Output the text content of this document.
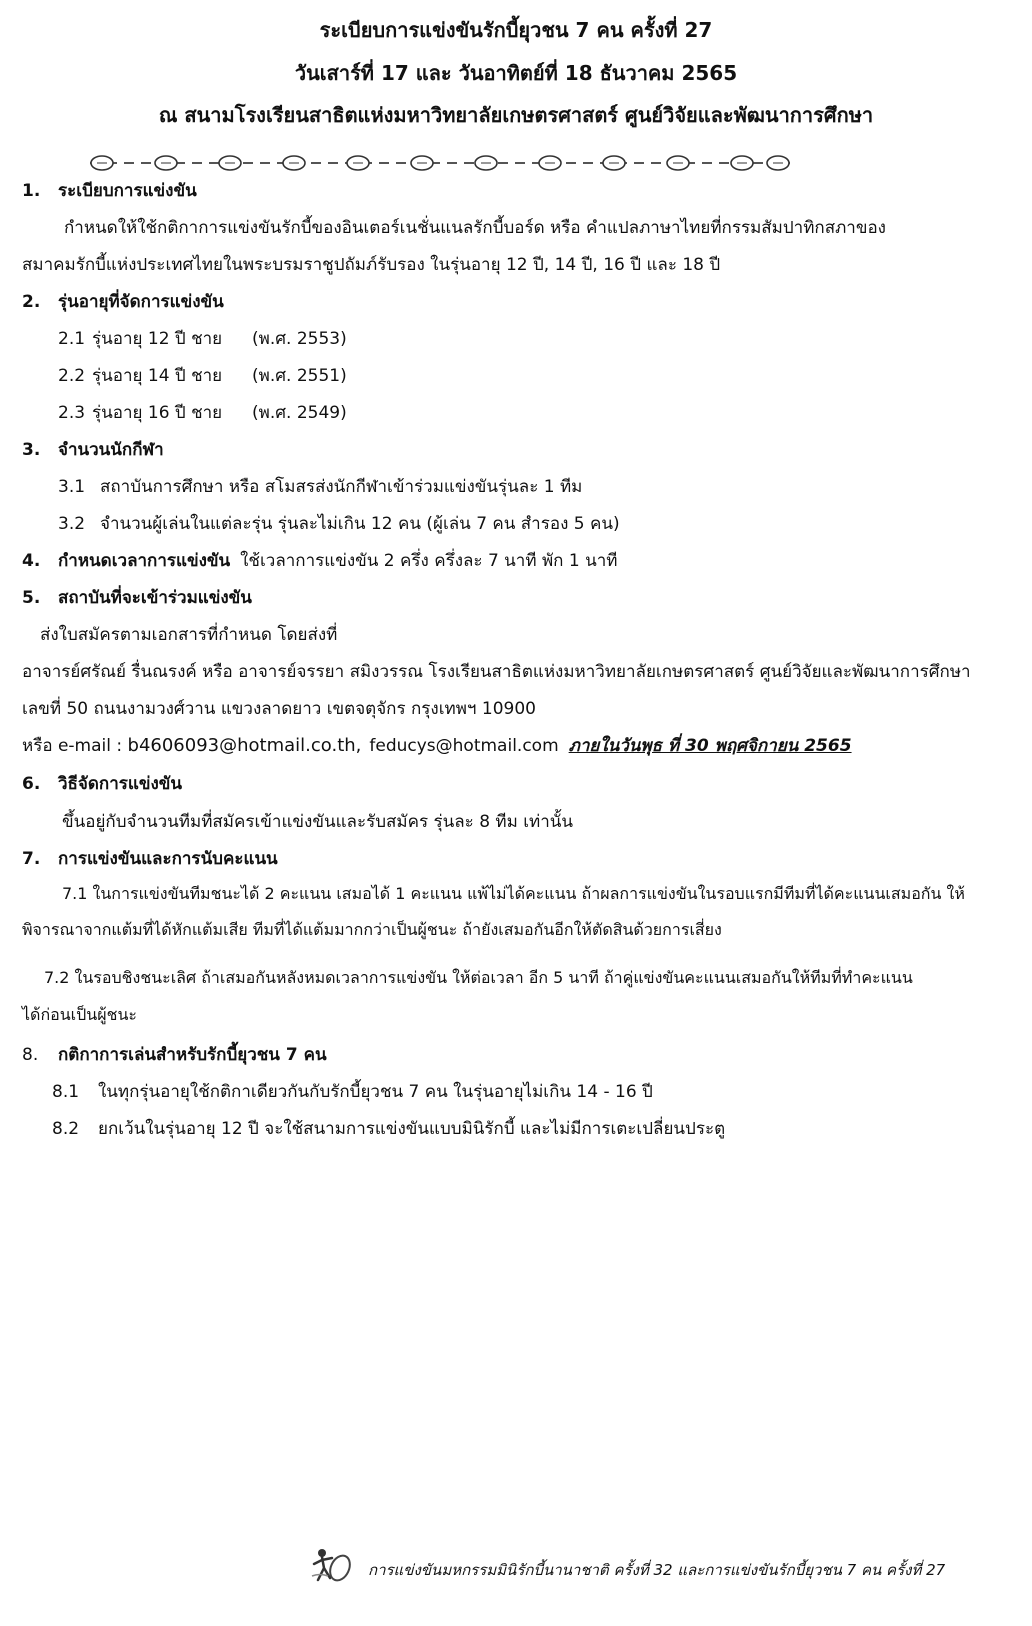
ระเบียบการแข่งขันรักบี้ยุวชน 7 คน ครั้งที่ 27
วันเสาร์ที่ 17 และ วันอาทิตย์ที่ 18 ธันวาคม 2565
ณ สนามโรงเรียนสาธิตแห่งมหาวิทยาลัยเกษตรศาสตร์ ศูนย์วิจัยและพัฒนาการศึกษา
1. ระเบียบการแข่งขัน
กำหนดให้ใช้กติกาการแข่งขันรักบี้ของอินเตอร์เนชั่นแนลรักบี้บอร์ด หรือ คำแปลภาษาไทยที่กรรมสัมปาทิกสภาของ
สมาคมรักบี้แห่งประเทศไทยในพระบรมราชูปถัมภ์รับรอง ในรุ่นอายุ 12 ปี, 14 ปี, 16 ปี และ 18 ปี
2. รุ่นอายุที่จัดการแข่งขัน
2.1 รุ่นอายุ 12 ปี ชาย (พ.ศ. 2553)
2.2 รุ่นอายุ 14 ปี ชาย (พ.ศ. 2551)
2.3 รุ่นอายุ 16 ปี ชาย (พ.ศ. 2549)
3. จำนวนนักกีฬา
3.1 สถาบันการศึกษา หรือ สโมสรส่งนักกีฬาเข้าร่วมแข่งขันรุ่นละ 1 ทีม
3.2 จำนวนผู้เล่นในแต่ละรุ่น รุ่นละไม่เกิน 12 คน (ผู้เล่น 7 คน สำรอง 5 คน)
4. กำหนดเวลาการแข่งขัน ใช้เวลาการแข่งขัน 2 ครึ่ง ครึ่งละ 7 นาที พัก 1 นาที
5. สถาบันที่จะเข้าร่วมแข่งขัน
ส่งใบสมัครตามเอกสารที่กำหนด โดยส่งที่
อาจารย์ศรัณย์ รื่นณรงค์ หรือ อาจารย์จรรยา สมิงวรรณ โรงเรียนสาธิตแห่งมหาวิทยาลัยเกษตรศาสตร์ ศูนย์วิจัยและพัฒนาการศึกษา
เลขที่ 50 ถนนงามวงศ์วาน แขวงลาดยาว เขตจตุจักร กรุงเทพฯ 10900
หรือ e-mail : b4606093@hotmail.co.th, feducys@hotmail.com ภายในวันพุธ ที่ 30 พฤศจิกายน 2565
6. วิธีจัดการแข่งขัน
ขึ้นอยู่กับจำนวนทีมที่สมัครเข้าแข่งขันและรับสมัคร รุ่นละ 8 ทีม เท่านั้น
7. การแข่งขันและการนับคะแนน
7.1 ในการแข่งขันทีมชนะได้ 2 คะแนน เสมอได้ 1 คะแนน แพ้ไม่ได้คะแนน ถ้าผลการแข่งขันในรอบแรกมีทีมที่ได้คะแนนเสมอกัน ให้
พิจารณาจากแต้มที่ได้หักแต้มเสีย ทีมที่ได้แต้มมากกว่าเป็นผู้ชนะ ถ้ายังเสมอกันอีกให้ตัดสินด้วยการเสี่ยง
7.2 ในรอบชิงชนะเลิศ ถ้าเสมอกันหลังหมดเวลาการแข่งขัน ให้ต่อเวลา อีก 5 นาที ถ้าคู่แข่งขันคะแนนเสมอกันให้ทีมที่ทำคะแนน
ได้ก่อนเป็นผู้ชนะ
8. กติกาการเล่นสำหรับรักบี้ยุวชน 7 คน
8.1 ในทุกรุ่นอายุใช้กติกาเดียวกันกับรักบี้ยุวชน 7 คน ในรุ่นอายุไม่เกิน 14 - 16 ปี
8.2 ยกเว้นในรุ่นอายุ 12 ปี จะใช้สนามการแข่งขันแบบมินิรักบี้ และไม่มีการเตะเปลี่ยนประตู
การแข่งขันมหกรรมมินิรักบี้นานาชาติ ครั้งที่ 32 และการแข่งขันรักบี้ยุวชน 7 คน ครั้งที่ 27
